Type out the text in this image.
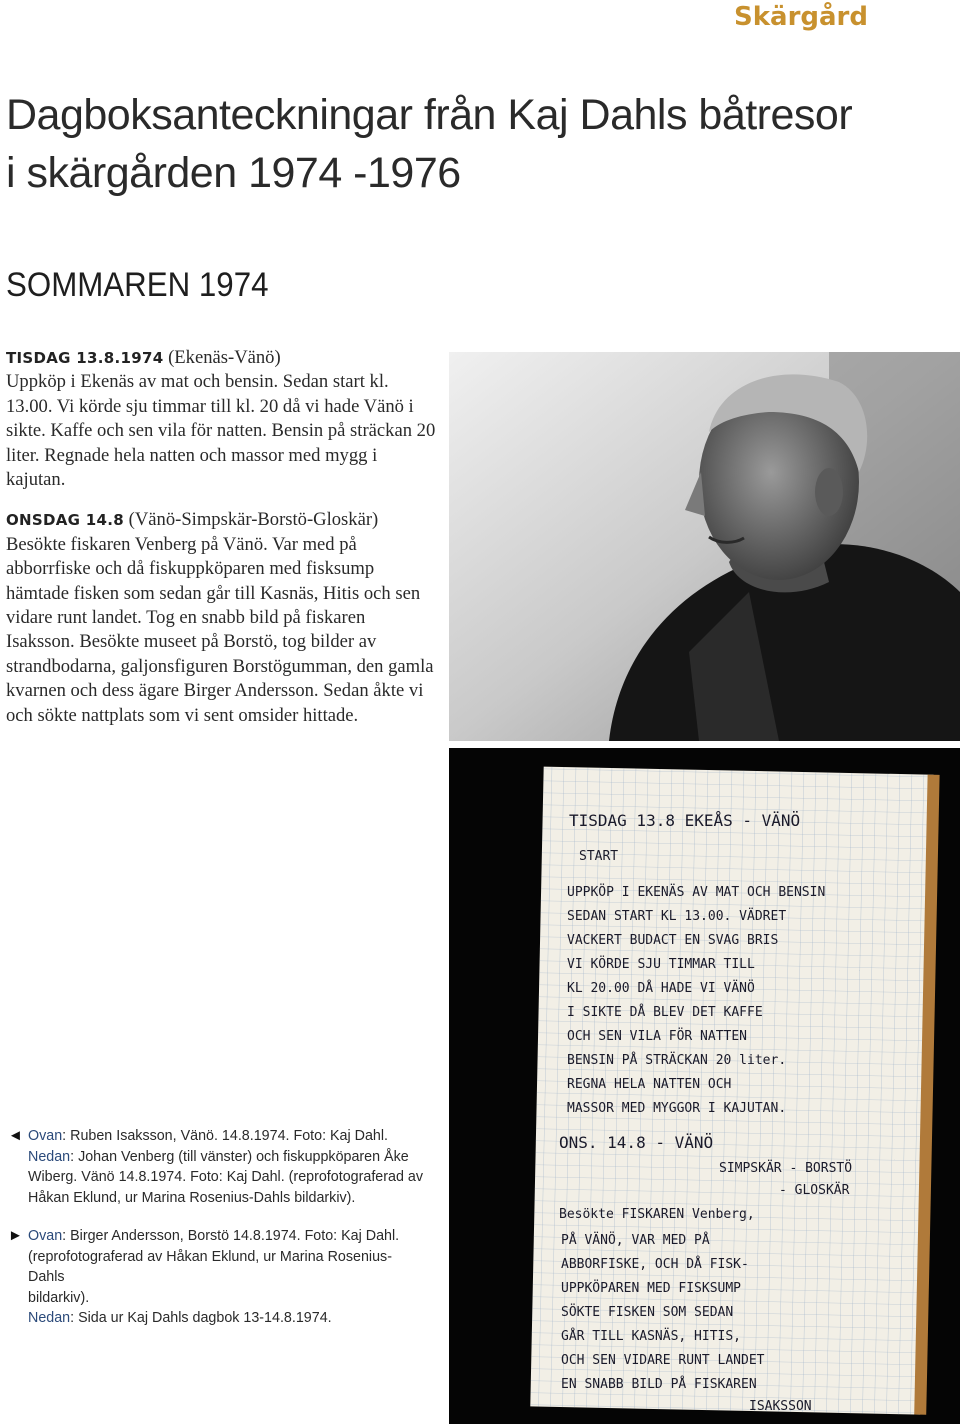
Skärgård
Dagboksanteckningar från Kaj Dahls båtresor
i skärgården 1974 -1976
SOMMAREN 1974

TISDAG 13.8.1974 (Ekenäs-Vänö)
Uppköp i Ekenäs av mat och bensin. Sedan start kl. 13.00. Vi körde sju timmar till kl. 20 då vi hade Vänö i sikte. Kaffe och sen vila för natten. Bensin på sträckan 20 liter. Regnade hela natten och massor med mygg i kajutan.

ONSDAG 14.8 (Vänö-Simpskär-Borstö-Gloskär)
Besökte fiskaren Venberg på Vänö. Var med på abborrfiske och då fiskuppköparen med fisksump hämtade fisken som sedan går till Kasnäs, Hitis och sen vidare runt landet. Tog en snabb bild på fiskaren Isaksson. Besökte museet på Borstö, tog bilder av strandbodarna, galjonsfiguren Borstögumman, den gamla kvarnen och dess ägare Birger Andersson. Sedan åkte vi och sökte nattplats som vi sent omsider hittade.

TISDAG 13.8 EKEÅS - VÄNÖ
START
UPPKÖP I EKENÄS AV MAT OCH BENSIN
SEDAN START KL 13.00. VÄDRET
VACKERT BUDACT EN SVAG BRIS
VI KÖRDE SJU TIMMAR TILL
KL 20.00 DÅ HADE VI VÄNÖ
I SIKTE DÅ BLEV DET KAFFE
OCH SEN VILA FÖR NATTEN
BENSIN PÅ STRÄCKAN 20 liter.
REGNA HELA NATTEN OCH
MASSOR MED MYGGOR I KAJUTAN.
ONS. 14.8 - VÄNÖ
SIMPSKÄR - BORSTÖ
- GLOSKÄR
Besökte FISKAREN Venberg,
PÅ VÄNÖ, VAR MED PÅ
ABBORFISKE, OCH DÅ FISK-
UPPKÖPAREN MED FISKSUMP
SÖKTE FISKEN SOM SEDAN
GÅR TILL KASNÄS, HITIS,
OCH SEN VIDARE RUNT LANDET
EN SNABB BILD PÅ FISKAREN
ISAKSSON

◄ Ovan: Ruben Isaksson, Vänö. 14.8.1974. Foto: Kaj Dahl.
Nedan: Johan Venberg (till vänster) och fiskuppköparen Åke
Wiberg. Vänö 14.8.1974. Foto: Kaj Dahl. (reprofotograferad av
Håkan Eklund, ur Marina Rosenius-Dahls bildarkiv).

► Ovan: Birger Andersson, Borstö 14.8.1974. Foto: Kaj Dahl.
(reprofotograferad av Håkan Eklund, ur Marina Rosenius-Dahls
bildarkiv).
Nedan: Sida ur Kaj Dahls dagbok 13-14.8.1974.
